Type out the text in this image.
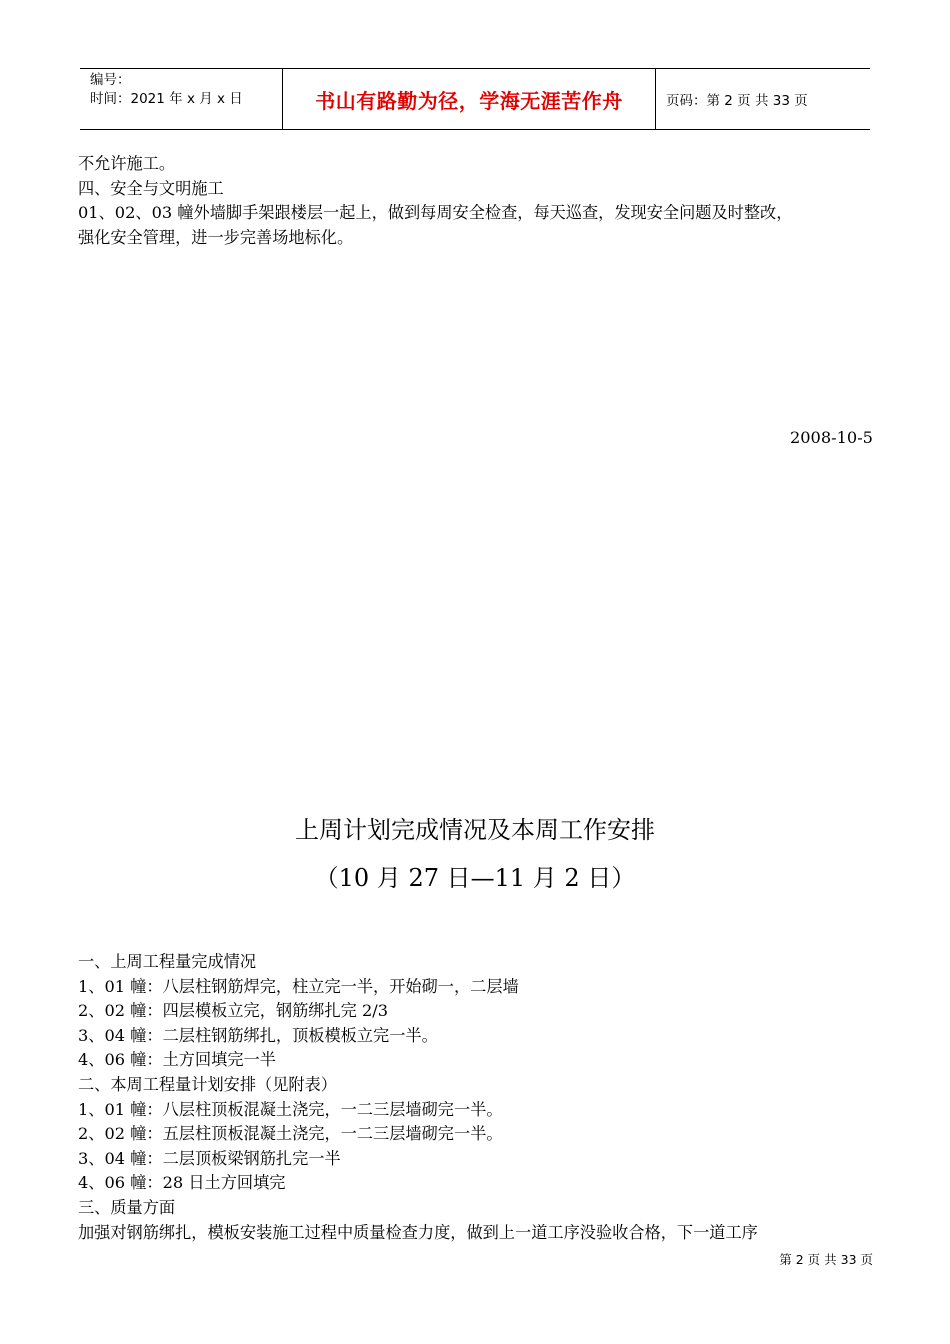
编号：
时间：2021 年 x 月 x 日	书山有路勤为径，学海无涯苦作舟	页码：第 2 页 共 33 页

不允许施工。

四、安全与文明施工

01、02、03 幢外墙脚手架跟楼层一起上，做到每周安全检查，每天巡查，发现安全问题及时整改，

强化安全管理，进一步完善场地标化。

2008-10-5
上周计划完成情况及本周工作安排
（10 月 27 日—11 月 2 日）

一、上周工程量完成情况

1、01 幢：八层柱钢筋焊完，柱立完一半，开始砌一，二层墙

2、02 幢：四层模板立完，钢筋绑扎完 2/3

3、04 幢：二层柱钢筋绑扎，顶板模板立完一半。

4、06 幢：土方回填完一半

二、本周工程量计划安排（见附表）

1、01 幢：八层柱顶板混凝土浇完，一二三层墙砌完一半。

2、02 幢：五层柱顶板混凝土浇完，一二三层墙砌完一半。

3、04 幢：二层顶板梁钢筋扎完一半

4、06 幢：28 日土方回填完

三、质量方面

加强对钢筋绑扎，模板安装施工过程中质量检查力度，做到上一道工序没验收合格，下一道工序

第 2 页 共 33 页
